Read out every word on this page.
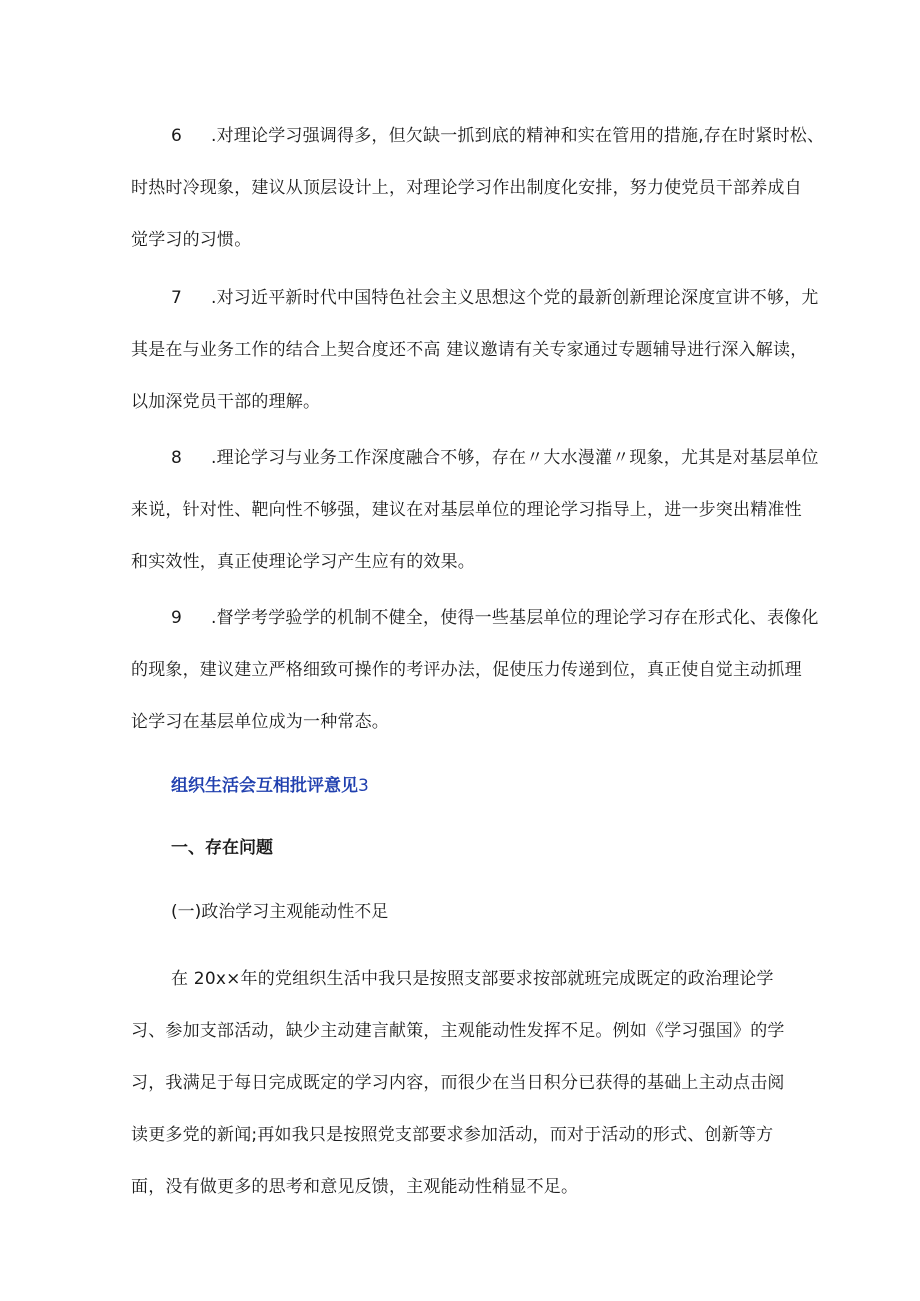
6 .对理论学习强调得多，但欠缺一抓到底的精神和实在管用的措施,存在时紧时松、
时热时冷现象，建议从顶层设计上，对理论学习作出制度化安排，努力使党员干部养成自
觉学习的习惯。
7 .对习近平新时代中国特色社会主义思想这个党的最新创新理论深度宣讲不够，尤
其是在与业务工作的结合上契合度还不高 建议邀请有关专家通过专题辅导进行深入解读，
以加深党员干部的理解。
8 .理论学习与业务工作深度融合不够，存在〃大水漫灌〃现象，尤其是对基层单位
来说，针对性、靶向性不够强，建议在对基层单位的理论学习指导上，进一步突出精准性
和实效性，真正使理论学习产生应有的效果。
9 .督学考学验学的机制不健全，使得一些基层单位的理论学习存在形式化、表像化
的现象，建议建立严格细致可操作的考评办法，促使压力传递到位，真正使自觉主动抓理
论学习在基层单位成为一种常态。

组织生活会互相批评意见3

一、存在问题

(一)政治学习主观能动性不足

在 20x×年的党组织生活中我只是按照支部要求按部就班完成既定的政治理论学
习、参加支部活动，缺少主动建言献策，主观能动性发挥不足。例如《学习强国》的学
习，我满足于每日完成既定的学习内容，而很少在当日积分已获得的基础上主动点击阅
读更多党的新闻;再如我只是按照党支部要求参加活动，而对于活动的形式、创新等方
面，没有做更多的思考和意见反馈，主观能动性稍显不足。
